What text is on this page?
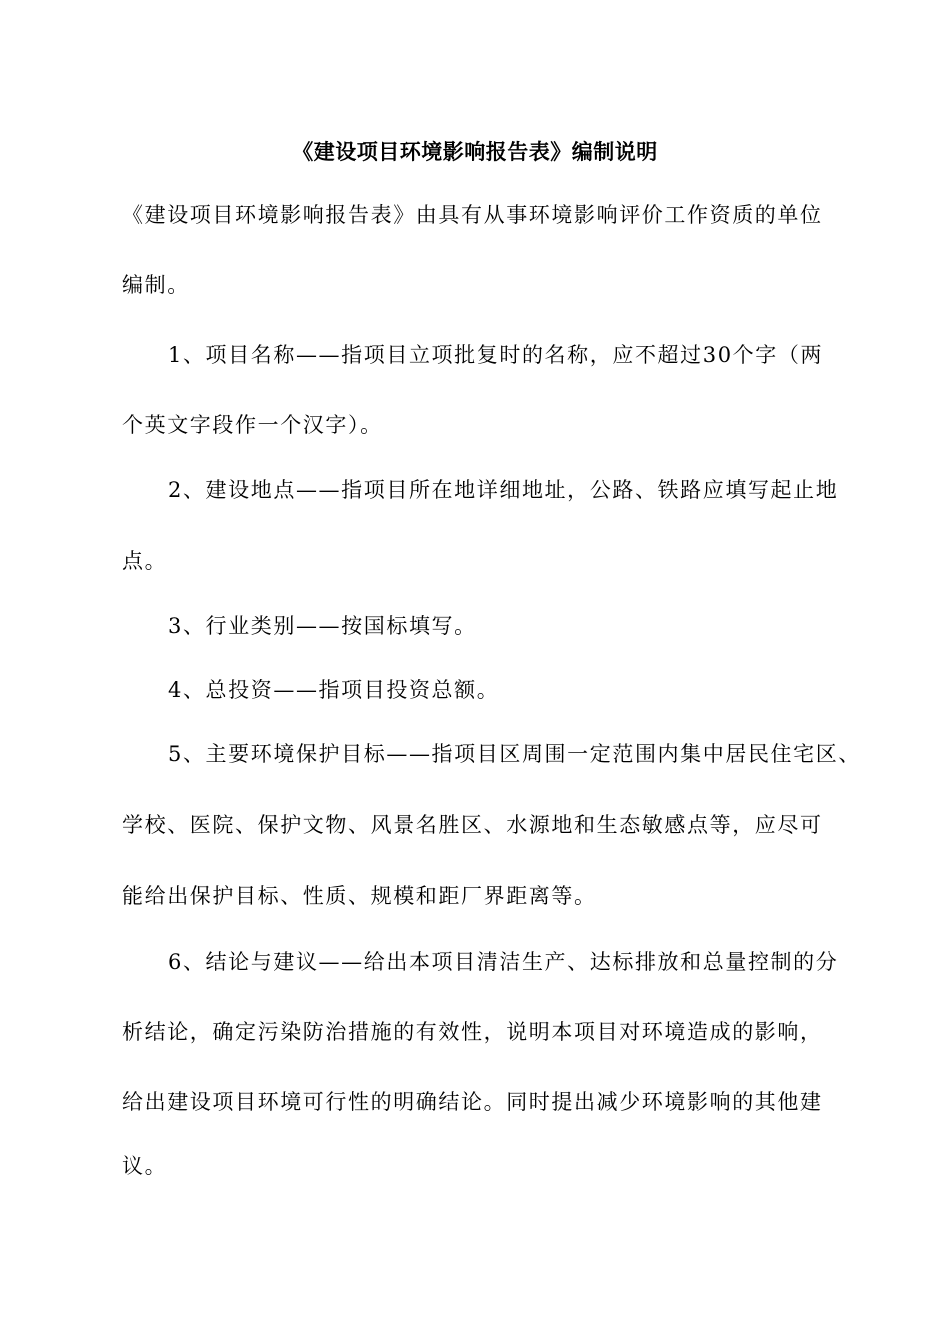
《建设项目环境影响报告表》编制说明
《建设项目环境影响报告表》由具有从事环境影响评价工作资质的单位
编制。
1、项目名称——指项目立项批复时的名称，应不超过30个字（两
个英文字段作一个汉字）。
2、建设地点——指项目所在地详细地址，公路、铁路应填写起止地
点。
3、行业类别——按国标填写。
4、总投资——指项目投资总额。
5、主要环境保护目标——指项目区周围一定范围内集中居民住宅区、
学校、医院、保护文物、风景名胜区、水源地和生态敏感点等，应尽可
能给出保护目标、性质、规模和距厂界距离等。
6、结论与建议——给出本项目清洁生产、达标排放和总量控制的分
析结论，确定污染防治措施的有效性，说明本项目对环境造成的影响，
给出建设项目环境可行性的明确结论。同时提出减少环境影响的其他建
议。
